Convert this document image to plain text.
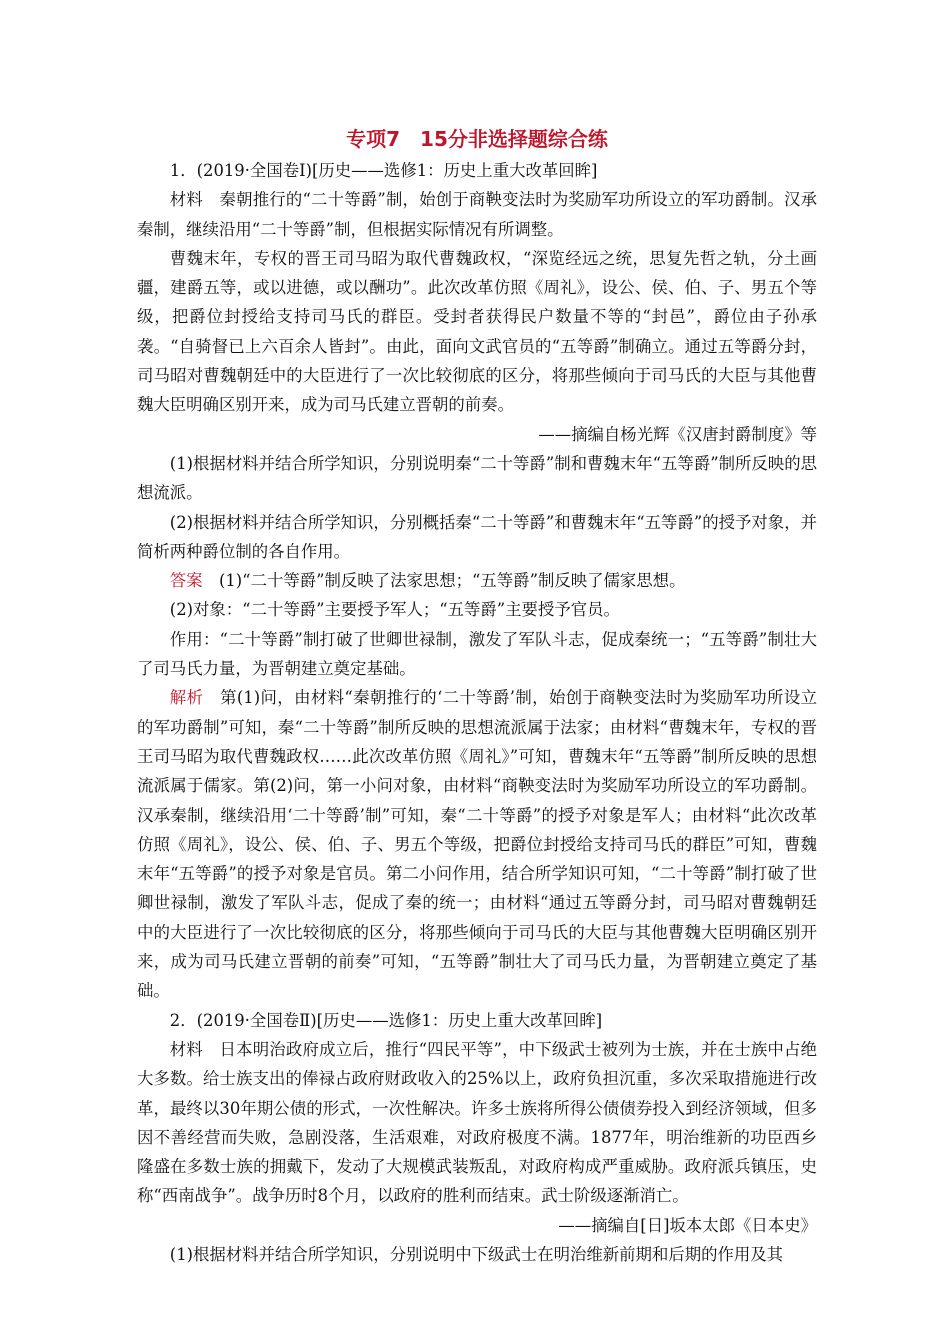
专项7　15分非选择题综合练

1．(2019·全国卷Ⅰ)[历史——选修1：历史上重大改革回眸]

材料　秦朝推行的“二十等爵”制，始创于商鞅变法时为奖励军功所设立的军功爵制。汉承秦制，继续沿用“二十等爵”制，但根据实际情况有所调整。

曹魏末年，专权的晋王司马昭为取代曹魏政权，“深览经远之统，思复先哲之轨，分土画疆，建爵五等，或以进德，或以酬功”。此次改革仿照《周礼》，设公、侯、伯、子、男五个等级，把爵位封授给支持司马氏的群臣。受封者获得民户数量不等的“封邑”，爵位由子孙承袭。“自骑督已上六百余人皆封”。由此，面向文武官员的“五等爵”制确立。通过五等爵分封，司马昭对曹魏朝廷中的大臣进行了一次比较彻底的区分，将那些倾向于司马氏的大臣与其他曹魏大臣明确区别开来，成为司马氏建立晋朝的前奏。

——摘编自杨光辉《汉唐封爵制度》等

(1)根据材料并结合所学知识，分别说明秦“二十等爵”制和曹魏末年“五等爵”制所反映的思想流派。

(2)根据材料并结合所学知识，分别概括秦“二十等爵”和曹魏末年“五等爵”的授予对象，并简析两种爵位制的各自作用。

答案　(1)“二十等爵”制反映了法家思想；“五等爵”制反映了儒家思想。

(2)对象：“二十等爵”主要授予军人；“五等爵”主要授予官员。

作用：“二十等爵”制打破了世卿世禄制，激发了军队斗志，促成秦统一；“五等爵”制壮大了司马氏力量，为晋朝建立奠定基础。

解析　第(1)问，由材料“秦朝推行的‘二十等爵’制，始创于商鞅变法时为奖励军功所设立的军功爵制”可知，秦“二十等爵”制所反映的思想流派属于法家；由材料“曹魏末年，专权的晋王司马昭为取代曹魏政权……此次改革仿照《周礼》”可知，曹魏末年“五等爵”制所反映的思想流派属于儒家。第(2)问，第一小问对象，由材料“商鞅变法时为奖励军功所设立的军功爵制。汉承秦制，继续沿用‘二十等爵’制”可知，秦“二十等爵”的授予对象是军人；由材料“此次改革仿照《周礼》，设公、侯、伯、子、男五个等级，把爵位封授给支持司马氏的群臣”可知，曹魏末年“五等爵”的授予对象是官员。第二小问作用，结合所学知识可知，“二十等爵”制打破了世卿世禄制，激发了军队斗志，促成了秦的统一；由材料“通过五等爵分封，司马昭对曹魏朝廷中的大臣进行了一次比较彻底的区分，将那些倾向于司马氏的大臣与其他曹魏大臣明确区别开来，成为司马氏建立晋朝的前奏”可知，“五等爵”制壮大了司马氏力量，为晋朝建立奠定了基础。

2．(2019·全国卷Ⅱ)[历史——选修1：历史上重大改革回眸]

材料　日本明治政府成立后，推行“四民平等”，中下级武士被列为士族，并在士族中占绝大多数。给士族支出的俸禄占政府财政收入的25%以上，政府负担沉重，多次采取措施进行改革，最终以30年期公债的形式，一次性解决。许多士族将所得公债债券投入到经济领域，但多因不善经营而失败，急剧没落，生活艰难，对政府极度不满。1877年，明治维新的功臣西乡隆盛在多数士族的拥戴下，发动了大规模武装叛乱，对政府构成严重威胁。政府派兵镇压，史称“西南战争”。战争历时8个月，以政府的胜利而结束。武士阶级逐渐消亡。

——摘编自[日]坂本太郎《日本史》

(1)根据材料并结合所学知识，分别说明中下级武士在明治维新前期和后期的作用及其
